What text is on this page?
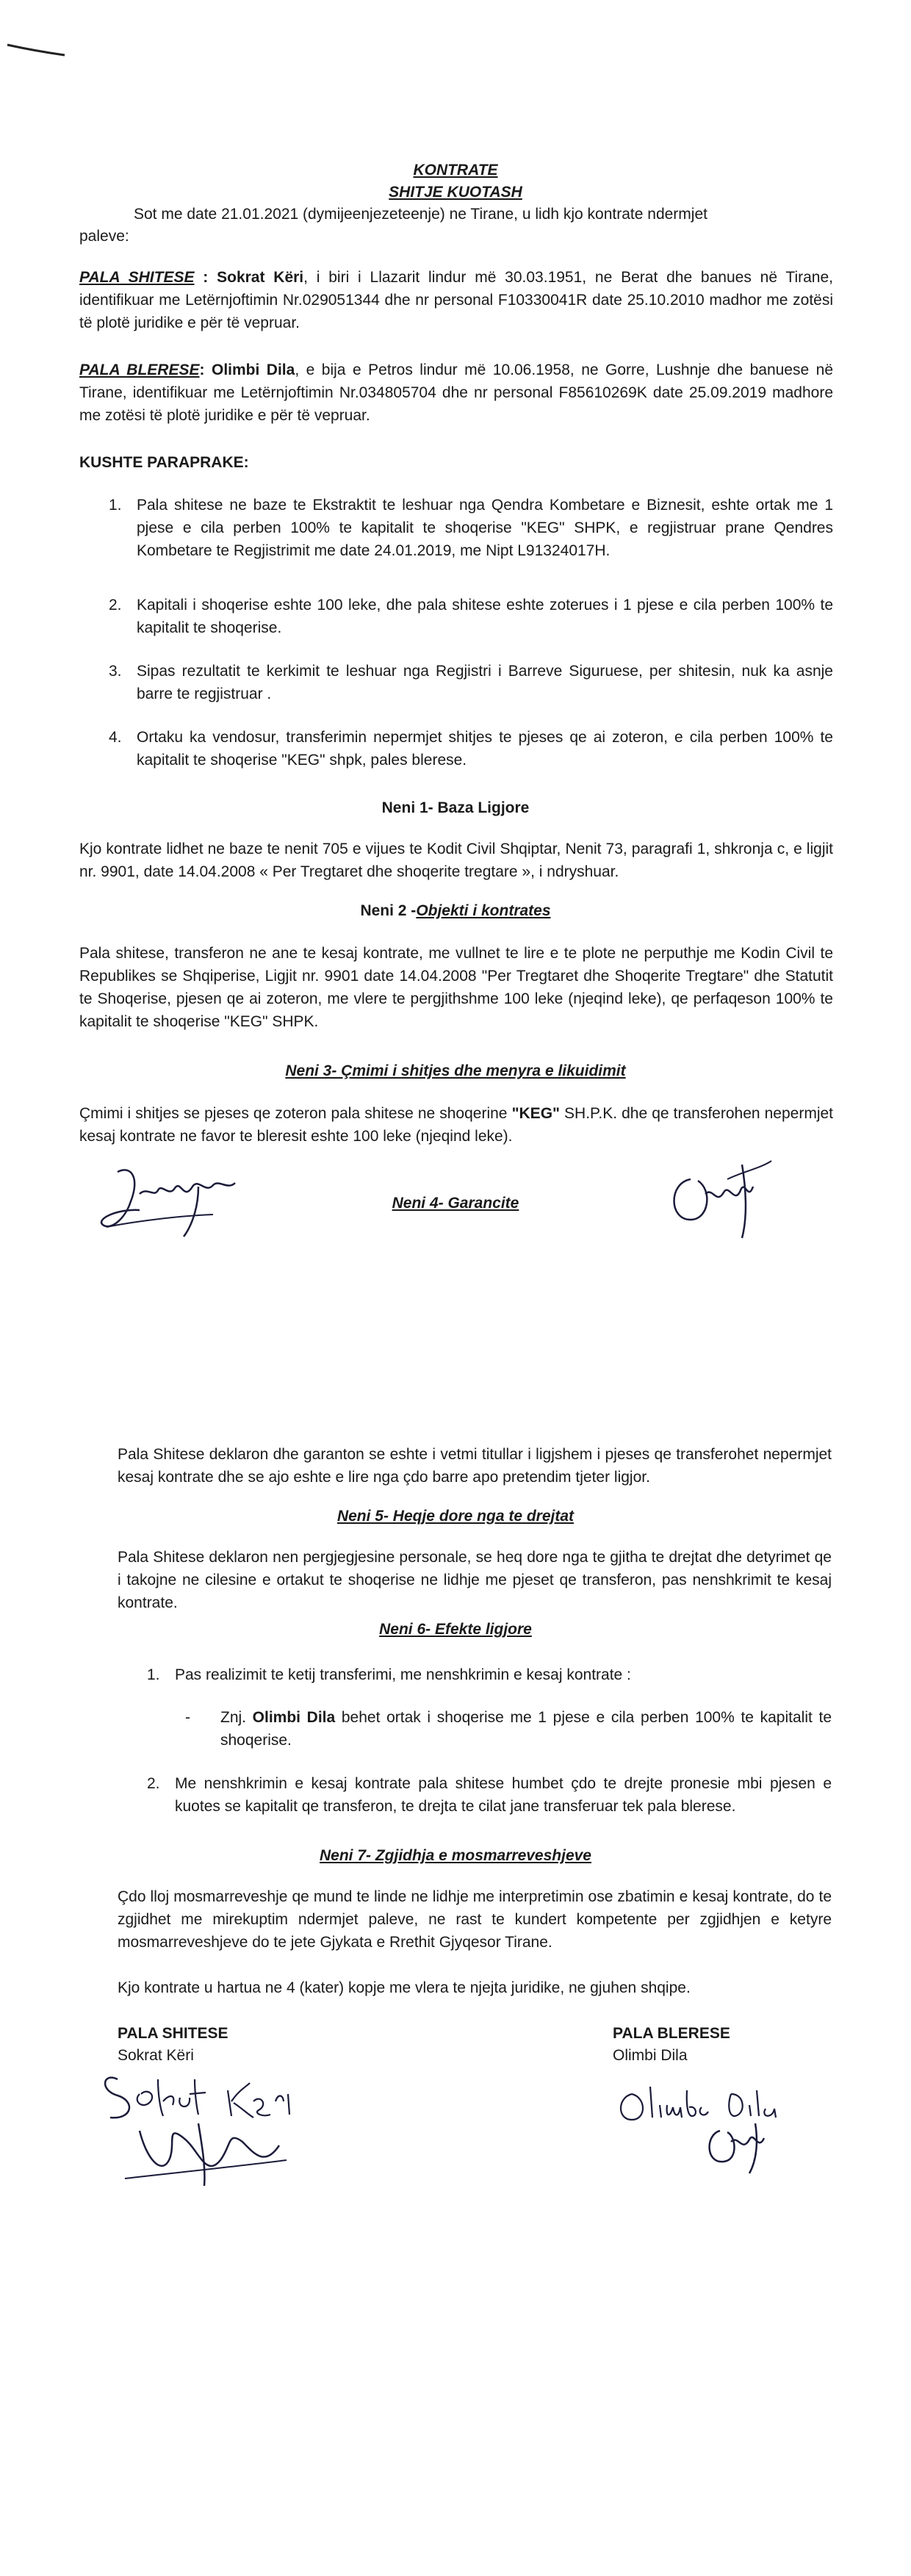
KONTRATE
SHITJE KUOTASH
Sot me date 21.01.2021 (dymijeenjezeteenje) ne Tirane, u lidh kjo kontrate ndermjet
paleve:
PALA SHITESE : Sokrat Këri, i biri i Llazarit lindur më 30.03.1951, ne Berat dhe banues në Tirane, identifikuar me Letërnjoftimin Nr.029051344 dhe nr personal F10330041R date 25.10.2010 madhor me zotësi të plotë juridike e për të vepruar.
PALA BLERESE: Olimbi Dila, e bija e Petros lindur më 10.06.1958, ne Gorre, Lushnje dhe banuese në Tirane, identifikuar me Letërnjoftimin Nr.034805704 dhe nr personal F85610269K date 25.09.2019 madhore me zotësi të plotë juridike e për të vepruar.
KUSHTE PARAPRAKE:
1. Pala shitese ne baze te Ekstraktit te leshuar nga Qendra Kombetare e Biznesit, eshte ortak me 1 pjese e cila perben 100% te kapitalit te shoqerise "KEG" SHPK, e regjistruar prane Qendres Kombetare te Regjistrimit me date 24.01.2019, me Nipt L91324017H.
2. Kapitali i shoqerise eshte 100 leke, dhe pala shitese eshte zoterues i 1 pjese e cila perben 100% te kapitalit te shoqerise.
3. Sipas rezultatit te kerkimit te leshuar nga Regjistri i Barreve Siguruese, per shitesin, nuk ka asnje barre te regjistruar .
4. Ortaku ka vendosur, transferimin nepermjet shitjes te pjeses qe ai zoteron, e cila perben 100% te kapitalit te shoqerise "KEG" shpk, pales blerese.
Neni 1- Baza Ligjore
Kjo kontrate lidhet ne baze te nenit 705 e vijues te Kodit Civil Shqiptar, Nenit 73, paragrafi 1, shkronja c, e ligjit nr. 9901, date 14.04.2008 « Per Tregtaret dhe shoqerite tregtare », i ndryshuar.
Neni 2 -Objekti i kontrates
Pala shitese, transferon ne ane te kesaj kontrate, me vullnet te lire e te plote ne perputhje me Kodin Civil te Republikes se Shqiperise, Ligjit nr. 9901 date 14.04.2008 "Per Tregtaret dhe Shoqerite Tregtare" dhe Statutit te Shoqerise, pjesen qe ai zoteron, me vlere te pergjithshme 100 leke (njeqind leke), qe perfaqeson 100% te kapitalit te shoqerise "KEG" SHPK.
Neni 3- Çmimi i shitjes dhe menyra e likuidimit
Çmimi i shitjes se pjeses qe zoteron pala shitese ne shoqerine "KEG" SH.P.K. dhe qe transferohen nepermjet kesaj kontrate ne favor te bleresit eshte 100 leke (njeqind leke).
Neni 4- Garancite
Pala Shitese deklaron dhe garanton se eshte i vetmi titullar i ligjshem i pjeses qe transferohet nepermjet kesaj kontrate dhe se ajo eshte e lire nga çdo barre apo pretendim tjeter ligjor.
Neni 5- Heqje dore nga te drejtat
Pala Shitese deklaron nen pergjegjesine personale, se heq dore nga te gjitha te drejtat dhe detyrimet qe i takojne ne cilesine e ortakut te shoqerise ne lidhje me pjeset qe transferon, pas nenshkrimit te kesaj kontrate.
Neni 6- Efekte ligjore
1. Pas realizimit te ketij transferimi, me nenshkrimin e kesaj kontrate :
- Znj. Olimbi Dila behet ortak i shoqerise me 1 pjese e cila perben 100% te kapitalit te shoqerise.
2. Me nenshkrimin e kesaj kontrate pala shitese humbet çdo te drejte pronesie mbi pjesen e kuotes se kapitalit qe transferon, te drejta te cilat jane transferuar tek pala blerese.
Neni 7- Zgjidhja e mosmarreveshjeve
Çdo lloj mosmarreveshje qe mund te linde ne lidhje me interpretimin ose zbatimin e kesaj kontrate, do te zgjidhet me mirekuptim ndermjet paleve, ne rast te kundert kompetente per zgjidhjen e ketyre mosmarreveshjeve do te jete Gjykata e Rrethit Gjyqesor Tirane.
Kjo kontrate u hartua ne 4 (kater) kopje me vlera te njejta juridike, ne gjuhen shqipe.
PALA SHITESE
Sokrat Këri
PALA BLERESE
Olimbi Dila
